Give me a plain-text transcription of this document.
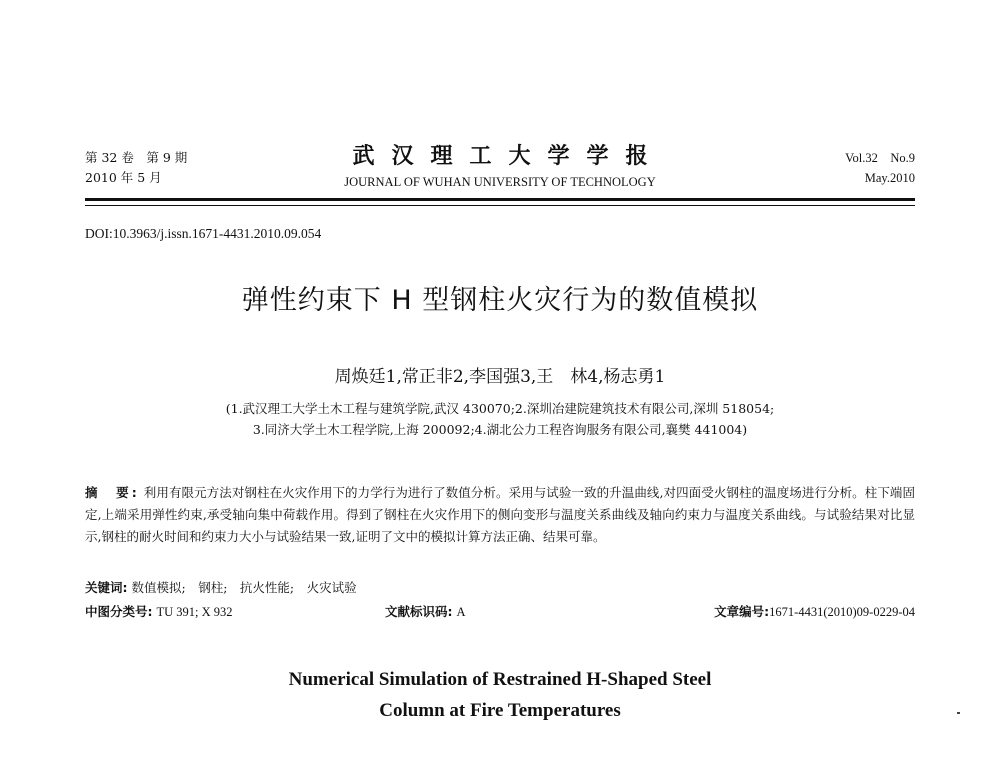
第 32 卷　第 9 期
2010 年 5 月
武汉理工大学学报
JOURNAL OF WUHAN UNIVERSITY OF TECHNOLOGY
Vol.32　No.9
May.2010
DOI:10.3963/j.issn.1671-4431.2010.09.054
弹性约束下 H 型钢柱火灾行为的数值模拟
周焕廷1,常正非2,李国强3,王　林4,杨志勇1
(1.武汉理工大学土木工程与建筑学院,武汉 430070;2.深圳冶建院建筑技术有限公司,深圳 518054;
3.同济大学土木工程学院,上海 200092;4.湖北公力工程咨询服务有限公司,襄樊 441004)
摘　要: 利用有限元方法对钢柱在火灾作用下的力学行为进行了数值分析。采用与试验一致的升温曲线,对四面受火钢柱的温度场进行分析。柱下端固定,上端采用弹性约束,承受轴向集中荷载作用。得到了钢柱在火灾作用下的侧向变形与温度关系曲线及轴向约束力与温度关系曲线。与试验结果对比显示,钢柱的耐火时间和约束力大小与试验结果一致,证明了文中的模拟计算方法正确、结果可靠。
关键词: 数值模拟;　钢柱;　抗火性能;　火灾试验
中图分类号: TU 391; X 932	文献标识码: A	文章编号:1671-4431(2010)09-0229-04
Numerical Simulation of Restrained H-Shaped Steel
Column at Fire Temperatures
